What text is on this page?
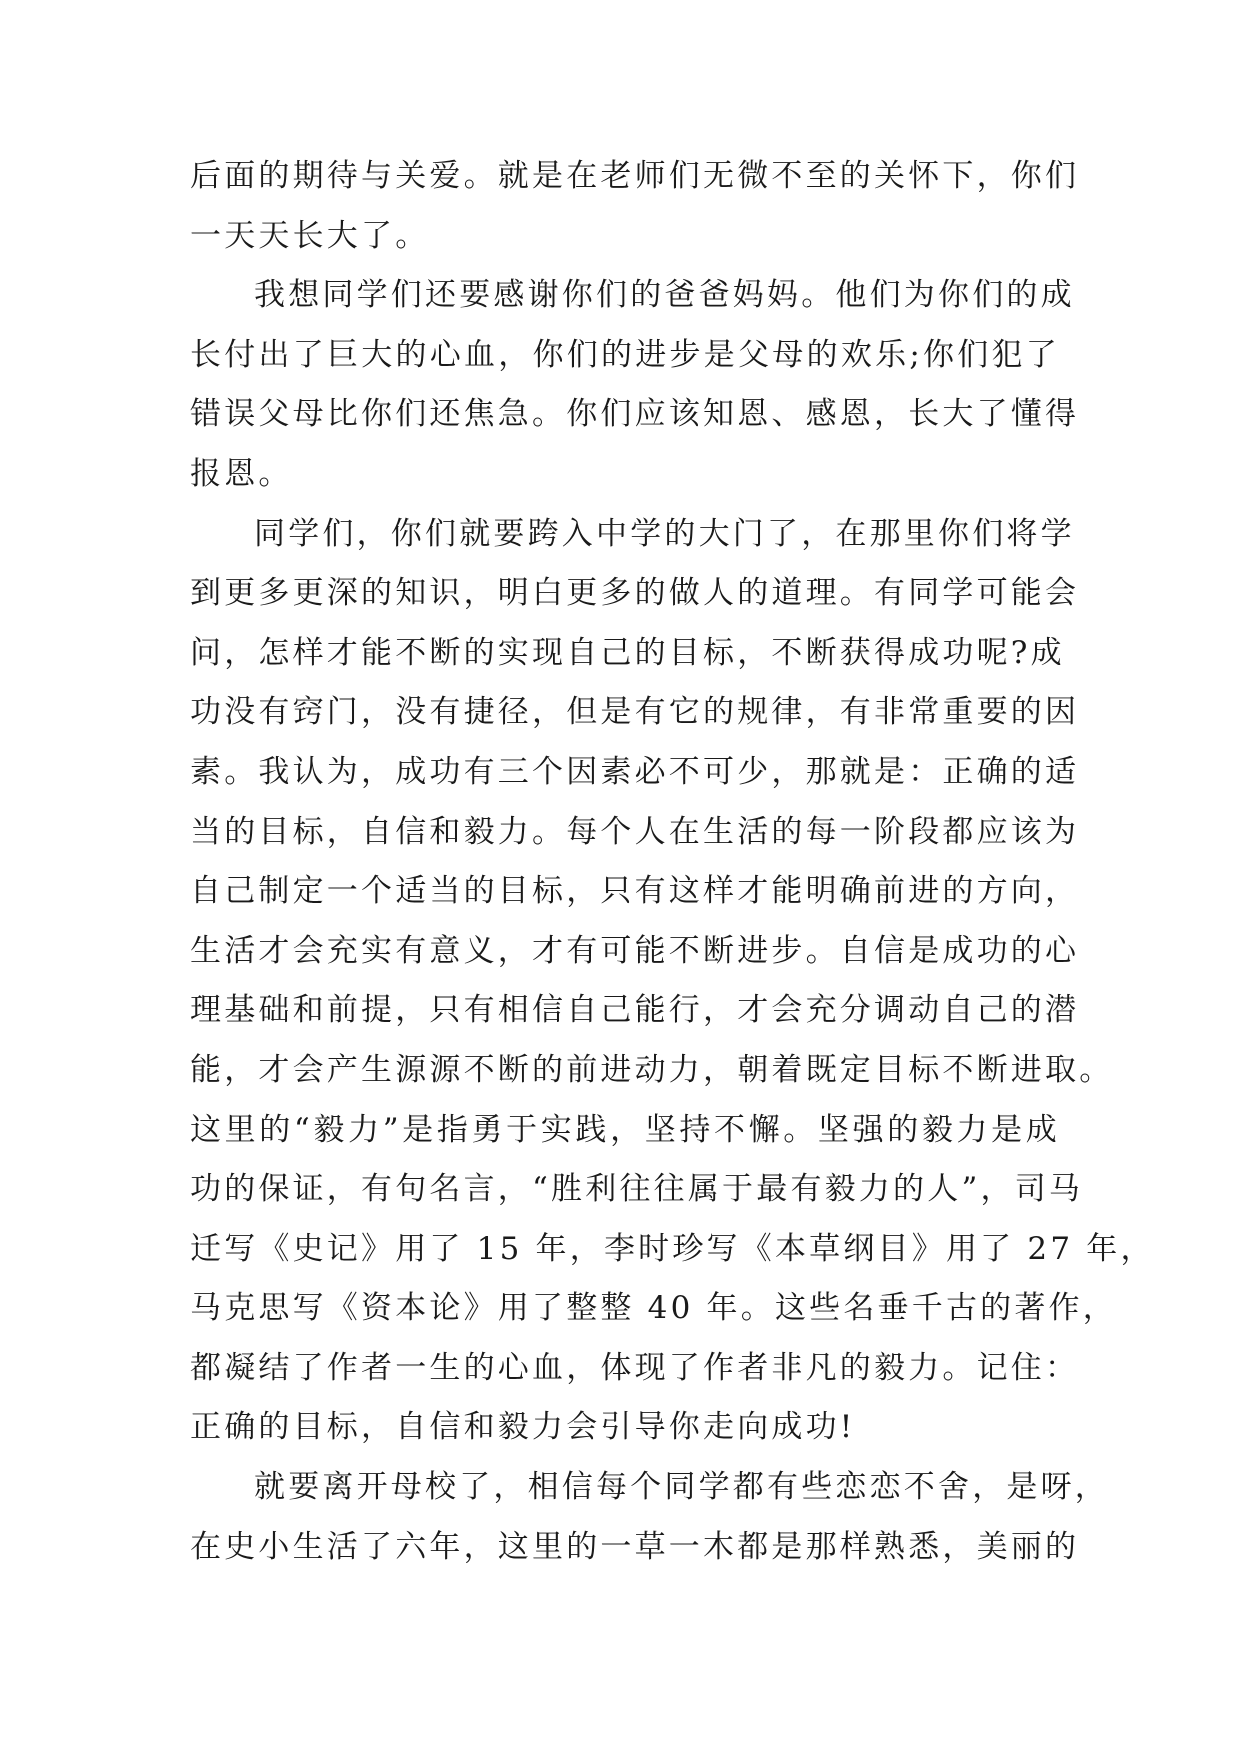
后面的期待与关爱。就是在老师们无微不至的关怀下，你们
一天天长大了。
我想同学们还要感谢你们的爸爸妈妈。他们为你们的成
长付出了巨大的心血，你们的进步是父母的欢乐;你们犯了
错误父母比你们还焦急。你们应该知恩、感恩，长大了懂得
报恩。
同学们，你们就要跨入中学的大门了，在那里你们将学
到更多更深的知识，明白更多的做人的道理。有同学可能会
问，怎样才能不断的实现自己的目标，不断获得成功呢?成
功没有窍门，没有捷径，但是有它的规律，有非常重要的因
素。我认为，成功有三个因素必不可少，那就是：正确的适
当的目标，自信和毅力。每个人在生活的每一阶段都应该为
自己制定一个适当的目标，只有这样才能明确前进的方向，
生活才会充实有意义，才有可能不断进步。自信是成功的心
理基础和前提，只有相信自己能行，才会充分调动自己的潜
能，才会产生源源不断的前进动力，朝着既定目标不断进取。
这里的“毅力”是指勇于实践，坚持不懈。坚强的毅力是成
功的保证，有句名言，“胜利往往属于最有毅力的人”，司马
迁写《史记》用了 15 年，李时珍写《本草纲目》用了 27 年，
马克思写《资本论》用了整整 40 年。这些名垂千古的著作，
都凝结了作者一生的心血，体现了作者非凡的毅力。记住：
正确的目标，自信和毅力会引导你走向成功!
就要离开母校了，相信每个同学都有些恋恋不舍，是呀，
在史小生活了六年，这里的一草一木都是那样熟悉，美丽的
